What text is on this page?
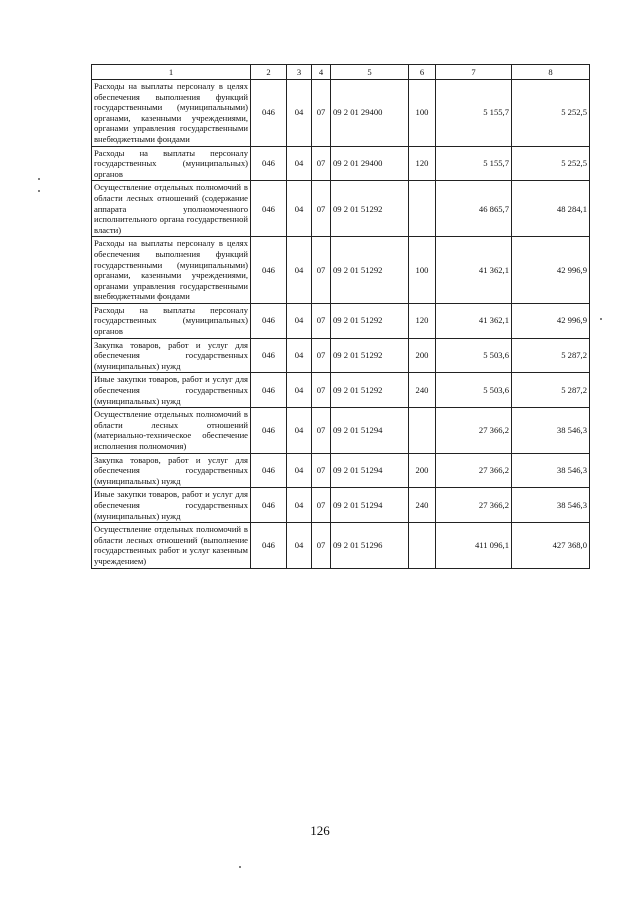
1	2	3	4	5	6	7	8
Расходы на выплаты персоналу в целях обеспечения выполнения функций государственными (муниципальными) органами, казенными учреждениями, органами управления государственными внебюджетными фондами	046	04	07	09 2 01 29400	100	5 155,7	5 252,5
Расходы на выплаты персоналу государственных (муниципальных) органов	046	04	07	09 2 01 29400	120	5 155,7	5 252,5
Осуществление отдельных полномочий в области лесных отношений (содержание аппарата уполномоченного исполнительного органа государственной власти)	046	04	07	09 2 01 51292		46 865,7	48 284,1
Расходы на выплаты персоналу в целях обеспечения выполнения функций государственными (муниципальными) органами, казенными учреждениями, органами управления государственными внебюджетными фондами	046	04	07	09 2 01 51292	100	41 362,1	42 996,9
Расходы на выплаты персоналу государственных (муниципальных) органов	046	04	07	09 2 01 51292	120	41 362,1	42 996,9
Закупка товаров, работ и услуг для обеспечения государственных (муниципальных) нужд	046	04	07	09 2 01 51292	200	5 503,6	5 287,2
Иные закупки товаров, работ и услуг для обеспечения государственных (муниципальных) нужд	046	04	07	09 2 01 51292	240	5 503,6	5 287,2
Осуществление отдельных полномочий в области лесных отношений (материально-техническое обеспечение исполнения полномочия)	046	04	07	09 2 01 51294		27 366,2	38 546,3
Закупка товаров, работ и услуг для обеспечения государственных (муниципальных) нужд	046	04	07	09 2 01 51294	200	27 366,2	38 546,3
Иные закупки товаров, работ и услуг для обеспечения государственных (муниципальных) нужд	046	04	07	09 2 01 51294	240	27 366,2	38 546,3
Осуществление отдельных полномочий в области лесных отношений (выполнение государственных работ и услуг казенным учреждением)	046	04	07	09 2 01 51296		411 096,1	427 368,0
126
